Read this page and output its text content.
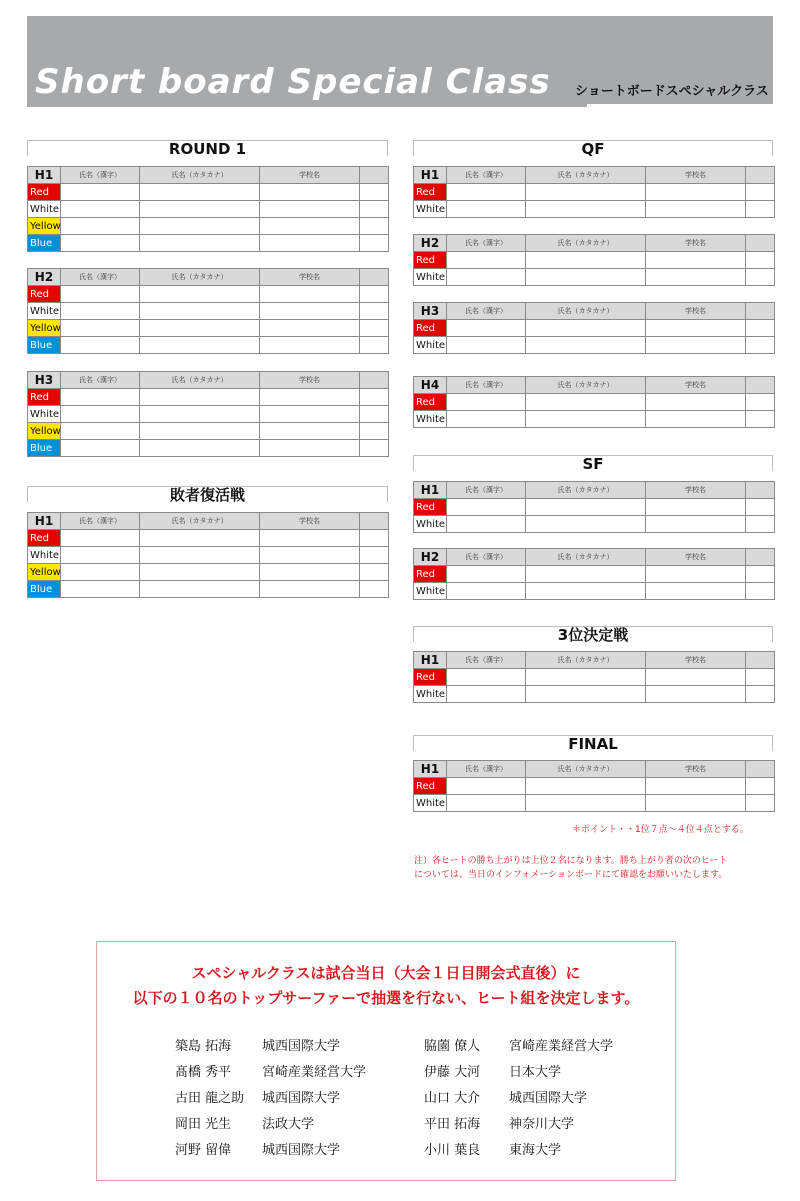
Short board Special Class ショートボードスペシャルクラス
ROUND 1
H1	氏名（漢字）	氏名（カタカナ）	学校名	
Red				
White				
Yellow				
Blue				
H2	氏名（漢字）	氏名（カタカナ）	学校名	
Red				
White				
Yellow				
Blue				
H3	氏名（漢字）	氏名（カタカナ）	学校名	
Red				
White				
Yellow				
Blue				
敗者復活戦
H1	氏名（漢字）	氏名（カタカナ）	学校名	
Red				
White				
Yellow				
Blue				
QF
H1	氏名（漢字）	氏名（カタカナ）	学校名	
Red				
White				
H2	氏名（漢字）	氏名（カタカナ）	学校名	
Red				
White				
H3	氏名（漢字）	氏名（カタカナ）	学校名	
Red				
White				
H4	氏名（漢字）	氏名（カタカナ）	学校名	
Red				
White				
SF
H1	氏名（漢字）	氏名（カタカナ）	学校名	
Red				
White				
H2	氏名（漢字）	氏名（カタカナ）	学校名	
Red				
White				
3位決定戦
H1	氏名（漢字）	氏名（カタカナ）	学校名	
Red				
White				
FINAL
H1	氏名（漢字）	氏名（カタカナ）	学校名	
Red				
White				
＊ポイント・・1位７点〜４位４点とする。
注）各ヒートの勝ち上がりは上位２名になります。勝ち上がり者の次のヒート
については、当日のインフォメーションボードにて確認をお願いいたします。
スペシャルクラスは試合当日（大会１日目開会式直後）に
以下の１０名のトップサーファーで抽選を行ない、ヒート組を決定します。
築島 拓海 城西国際大学
髙橋 秀平 宮崎産業経営大学
古田 龍之助 城西国際大学
岡田 光生 法政大学
河野 留偉 城西国際大学
脇薗 僚人 宮崎産業経営大学
伊藤 大河 日本大学
山口 大介 城西国際大学
平田 拓海 神奈川大学
小川 葉良 東海大学
